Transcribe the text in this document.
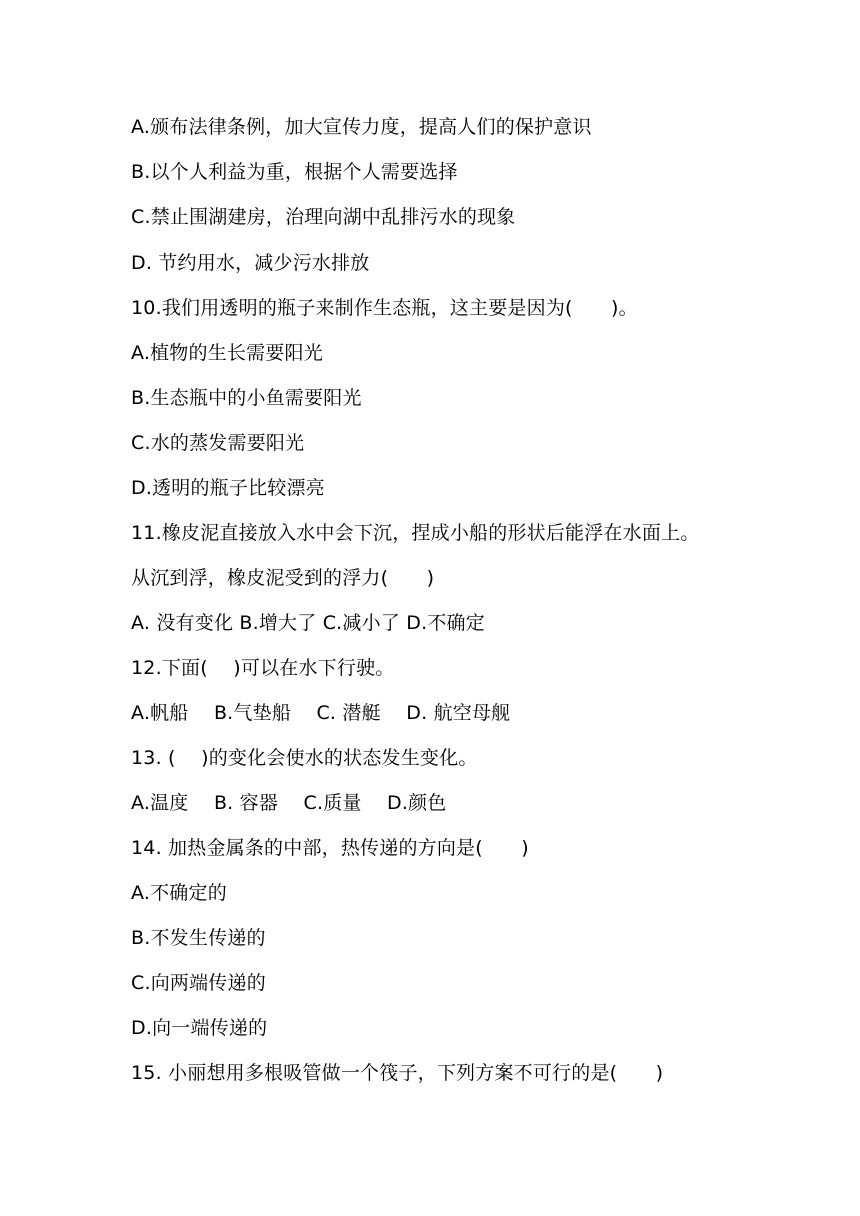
A.颁布法律条例，加大宣传力度，提高人们的保护意识
B.以个人利益为重，根据个人需要选择
C.禁止围湖建房，治理向湖中乱排污水的现象
D. 节约用水，减少污水排放
10.我们用透明的瓶子来制作生态瓶，这主要是因为(　　)。
A.植物的生长需要阳光
B.生态瓶中的小鱼需要阳光
C.水的蒸发需要阳光
D.透明的瓶子比较漂亮
11.橡皮泥直接放入水中会下沉，捏成小船的形状后能浮在水面上。
从沉到浮，橡皮泥受到的浮力(　　)
A. 没有变化 B.增大了 C.减小了 D.不确定
12.下面(　 )可以在水下行驶。
A.帆船　 B.气垫船　 C. 潜艇　 D. 航空母舰
13. (　 )的变化会使水的状态发生变化。
A.温度　 B. 容器　 C.质量　 D.颜色
14. 加热金属条的中部，热传递的方向是(　　)
A.不确定的
B.不发生传递的
C.向两端传递的
D.向一端传递的
15. 小丽想用多根吸管做一个筏子，下列方案不可行的是(　　)
